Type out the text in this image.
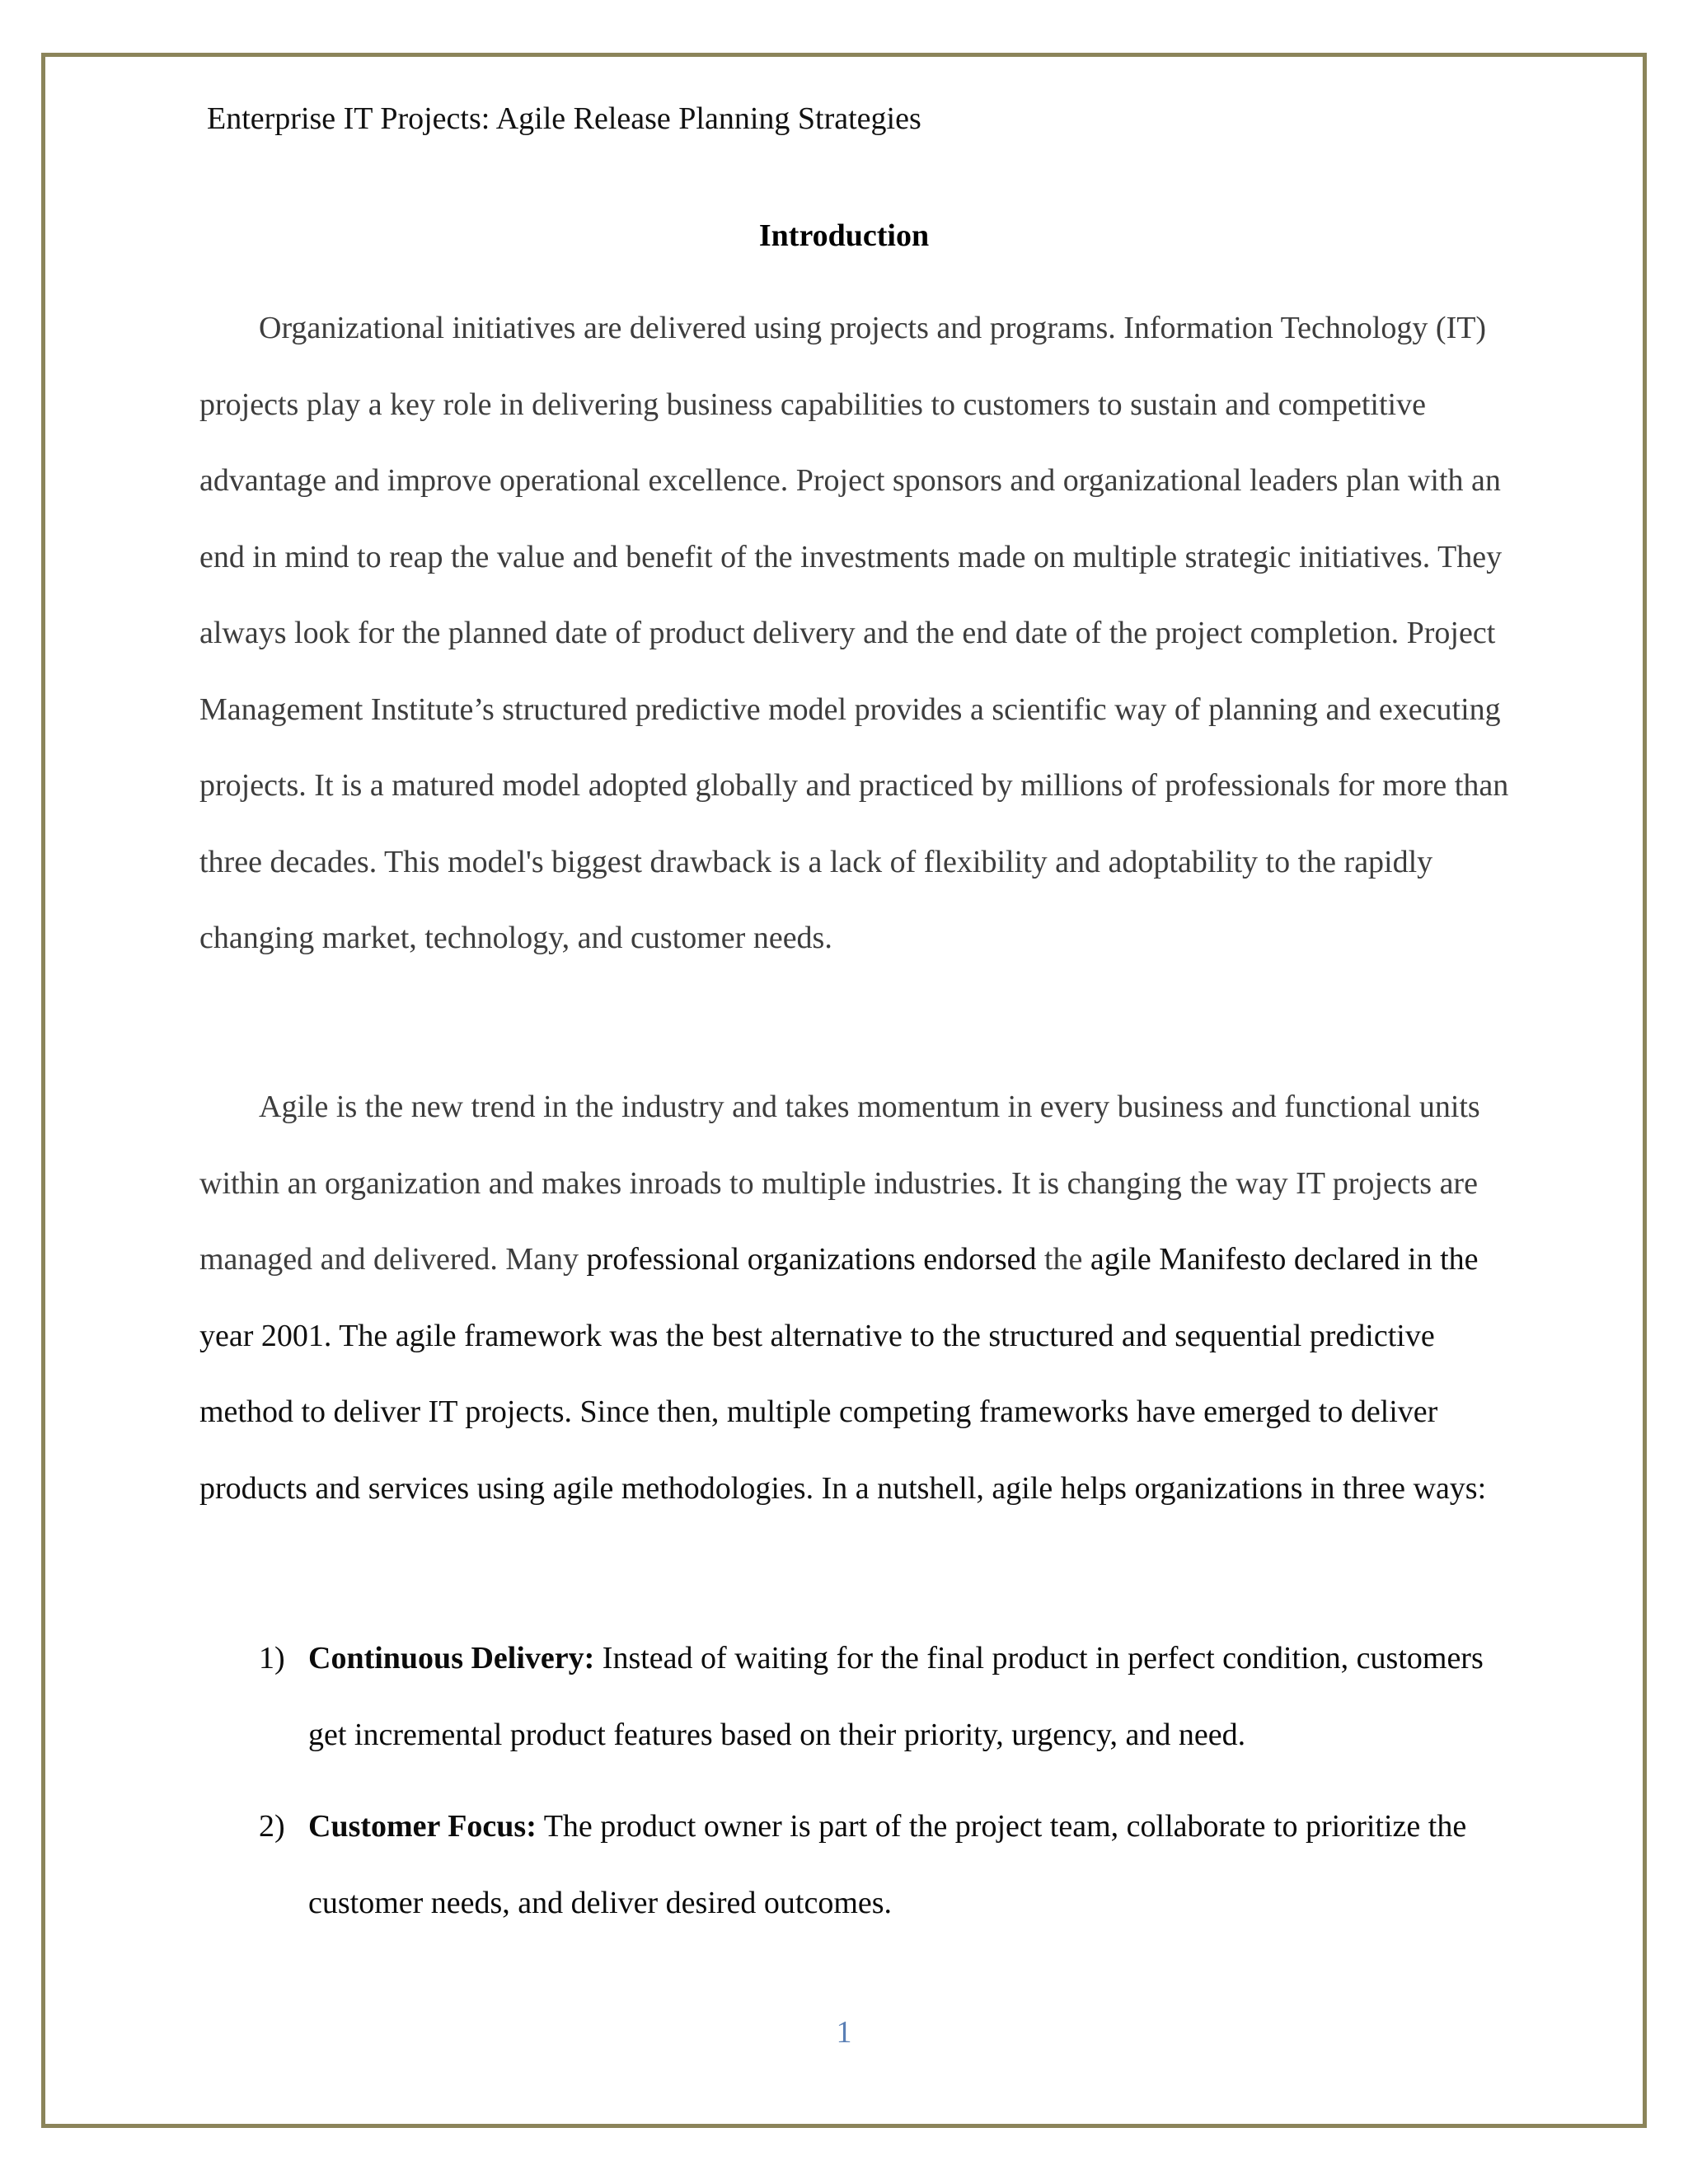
Enterprise IT Projects: Agile Release Planning Strategies
Introduction

Organizational initiatives are delivered using projects and programs. Information Technology (IT) projects play a key role in delivering business capabilities to customers to sustain and competitive advantage and improve operational excellence. Project sponsors and organizational leaders plan with an end in mind to reap the value and benefit of the investments made on multiple strategic initiatives. They always look for the planned date of product delivery and the end date of the project completion. Project Management Institute’s structured predictive model provides a scientific way of planning and executing projects. It is a matured model adopted globally and practiced by millions of professionals for more than three decades. This model's biggest drawback is a lack of flexibility and adoptability to the rapidly changing market, technology, and customer needs.

Agile is the new trend in the industry and takes momentum in every business and functional units within an organization and makes inroads to multiple industries. It is changing the way IT projects are managed and delivered. Many professional organizations endorsed the agile Manifesto declared in the year 2001. The agile framework was the best alternative to the structured and sequential predictive method to deliver IT projects. Since then, multiple competing frameworks have emerged to deliver products and services using agile methodologies. In a nutshell, agile helps organizations in three ways:

1) Continuous Delivery: Instead of waiting for the final product in perfect condition, customers get incremental product features based on their priority, urgency, and need.
2) Customer Focus: The product owner is part of the project team, collaborate to prioritize the customer needs, and deliver desired outcomes.
1
